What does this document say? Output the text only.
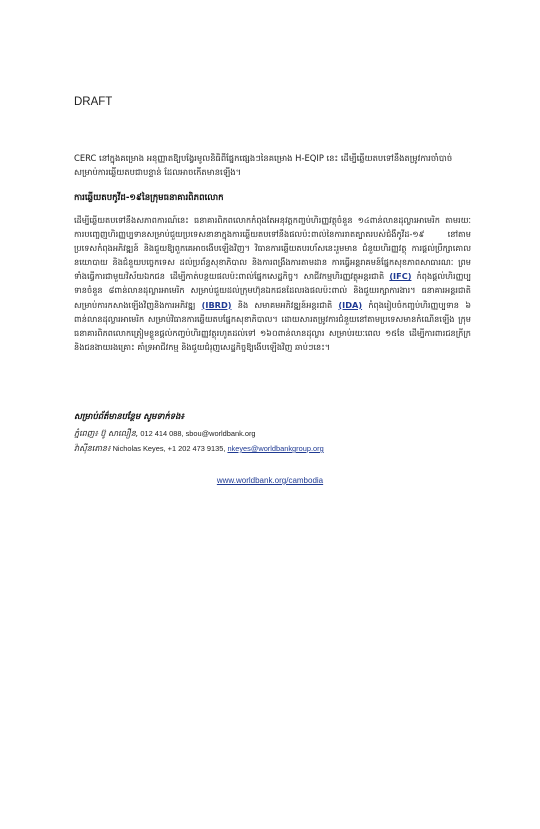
DRAFT
CERC នៅក្នុងគម្រោង អនុញ្ញាតឱ្យបង្វែរមូលនិធិពីផ្នែកផ្សេងៗនៃគម្រោង H-EQIP នេះ ដើម្បីឆ្លើយតបទៅនឹងតម្រូវការចាំបាច់ សម្រាប់ការឆ្លើយតបជាបន្ទាន់ ដែលអាចកើតមានឡើង។
ការឆ្លើយតបកូវីដ-១៩នៃក្រុមធនាគារពិភពលោក
ដើម្បីឆ្លើយតបទៅនឹងសភាពការណ៍នេះ ធនាគារពិភពលោកកំពុងតែអនុវត្តកញ្ចប់ហិរញ្ញវត្ថុចំនួន ១៤ពាន់លានដុល្លារអាមេរិក តាមរយៈការបញ្ចេញហិរញ្ញប្បទានសម្រាប់ជួយប្រទេសនានាក្នុងការឆ្លើយតបទៅនឹងផលប៉ះពាល់នៃការរាតត្បាតរបស់ជំងឺកូវីដ-១៩ នៅតាមប្រទេសកំពុងអភិវឌ្ឍន៍ និងជួយឱ្យពួកគេអាចងើបឡើងវិញ។ វិធានការឆ្លើយតបរហ័សនេះរួមមាន ជំនួយហិរញ្ញវត្ថុ ការផ្តល់ប្រឹក្សាគោលនយោបាយ និងជំនួយបច្ចេកទេស ដល់ប្រព័ន្ធសុខាភិបាល និងការពង្រឹងការតាមដាន ការធ្វើអន្តរាគមន៍ផ្នែកសុខភាពសាធារណៈ ព្រមទាំងធ្វើការជាមួយវិស័យឯកជន ដើម្បីកាត់បន្ថយផលប៉ះពាល់ផ្នែកសេដ្ឋកិច្ច។ សាជីវកម្មហិរញ្ញវត្ថុអន្តរជាតិ (IFC) កំពុងផ្តល់ហិរញ្ញប្បទានចំនួន ៨ពាន់លានដុល្លារអាមេរិក សម្រាប់ជួយដល់ក្រុមហ៊ុនឯកជនដែលរងផលប៉ះពាល់ និងជួយរក្សាការងារ។ ធនាគារអន្តរជាតិសម្រាប់ការកសាងឡើងវិញនិងការអភិវឌ្ឍ (IBRD) និង សមាគមអភិវឌ្ឍន៍អន្តរជាតិ (IDA) កំពុងរៀបចំកញ្ចប់ហិរញ្ញប្បទាន ៦ ពាន់លានដុល្លារអាមេរិក សម្រាប់វិធានការឆ្លើយតបផ្នែកសុខាភិបាល។ ដោយសារតម្រូវការជំនួយនៅតាមប្រទេសមានកំណើនឡើង ក្រុមធនាគារពិភពលោកត្រៀមខ្លួនផ្តល់កញ្ចប់ហិរញ្ញវត្ថុរហូតដល់ទៅ ១៦០ពាន់លានដុល្លារ សម្រាប់រយៈពេល ១៥ខែ ដើម្បីការពារជនក្រីក្រ និងជនងាយរងគ្រោះ គាំទ្រអាជីវកម្ម និងជួយជំរុញសេដ្ឋកិច្ចឱ្យងើបឡើងវិញ ឆាប់ៗនេះ។
សម្រាប់ព័ត៌មានបន្ថែម សូមទាក់ទង៖
ភ្នំពេញ៖ ប៊ូ សាលឿន, 012 414 088, sbou@worldbank.org
វ៉ាស៊ីនតោន៖ Nicholas Keyes, +1 202 473 9135, nkeyes@worldbankgroup.org
www.worldbank.org/cambodia
